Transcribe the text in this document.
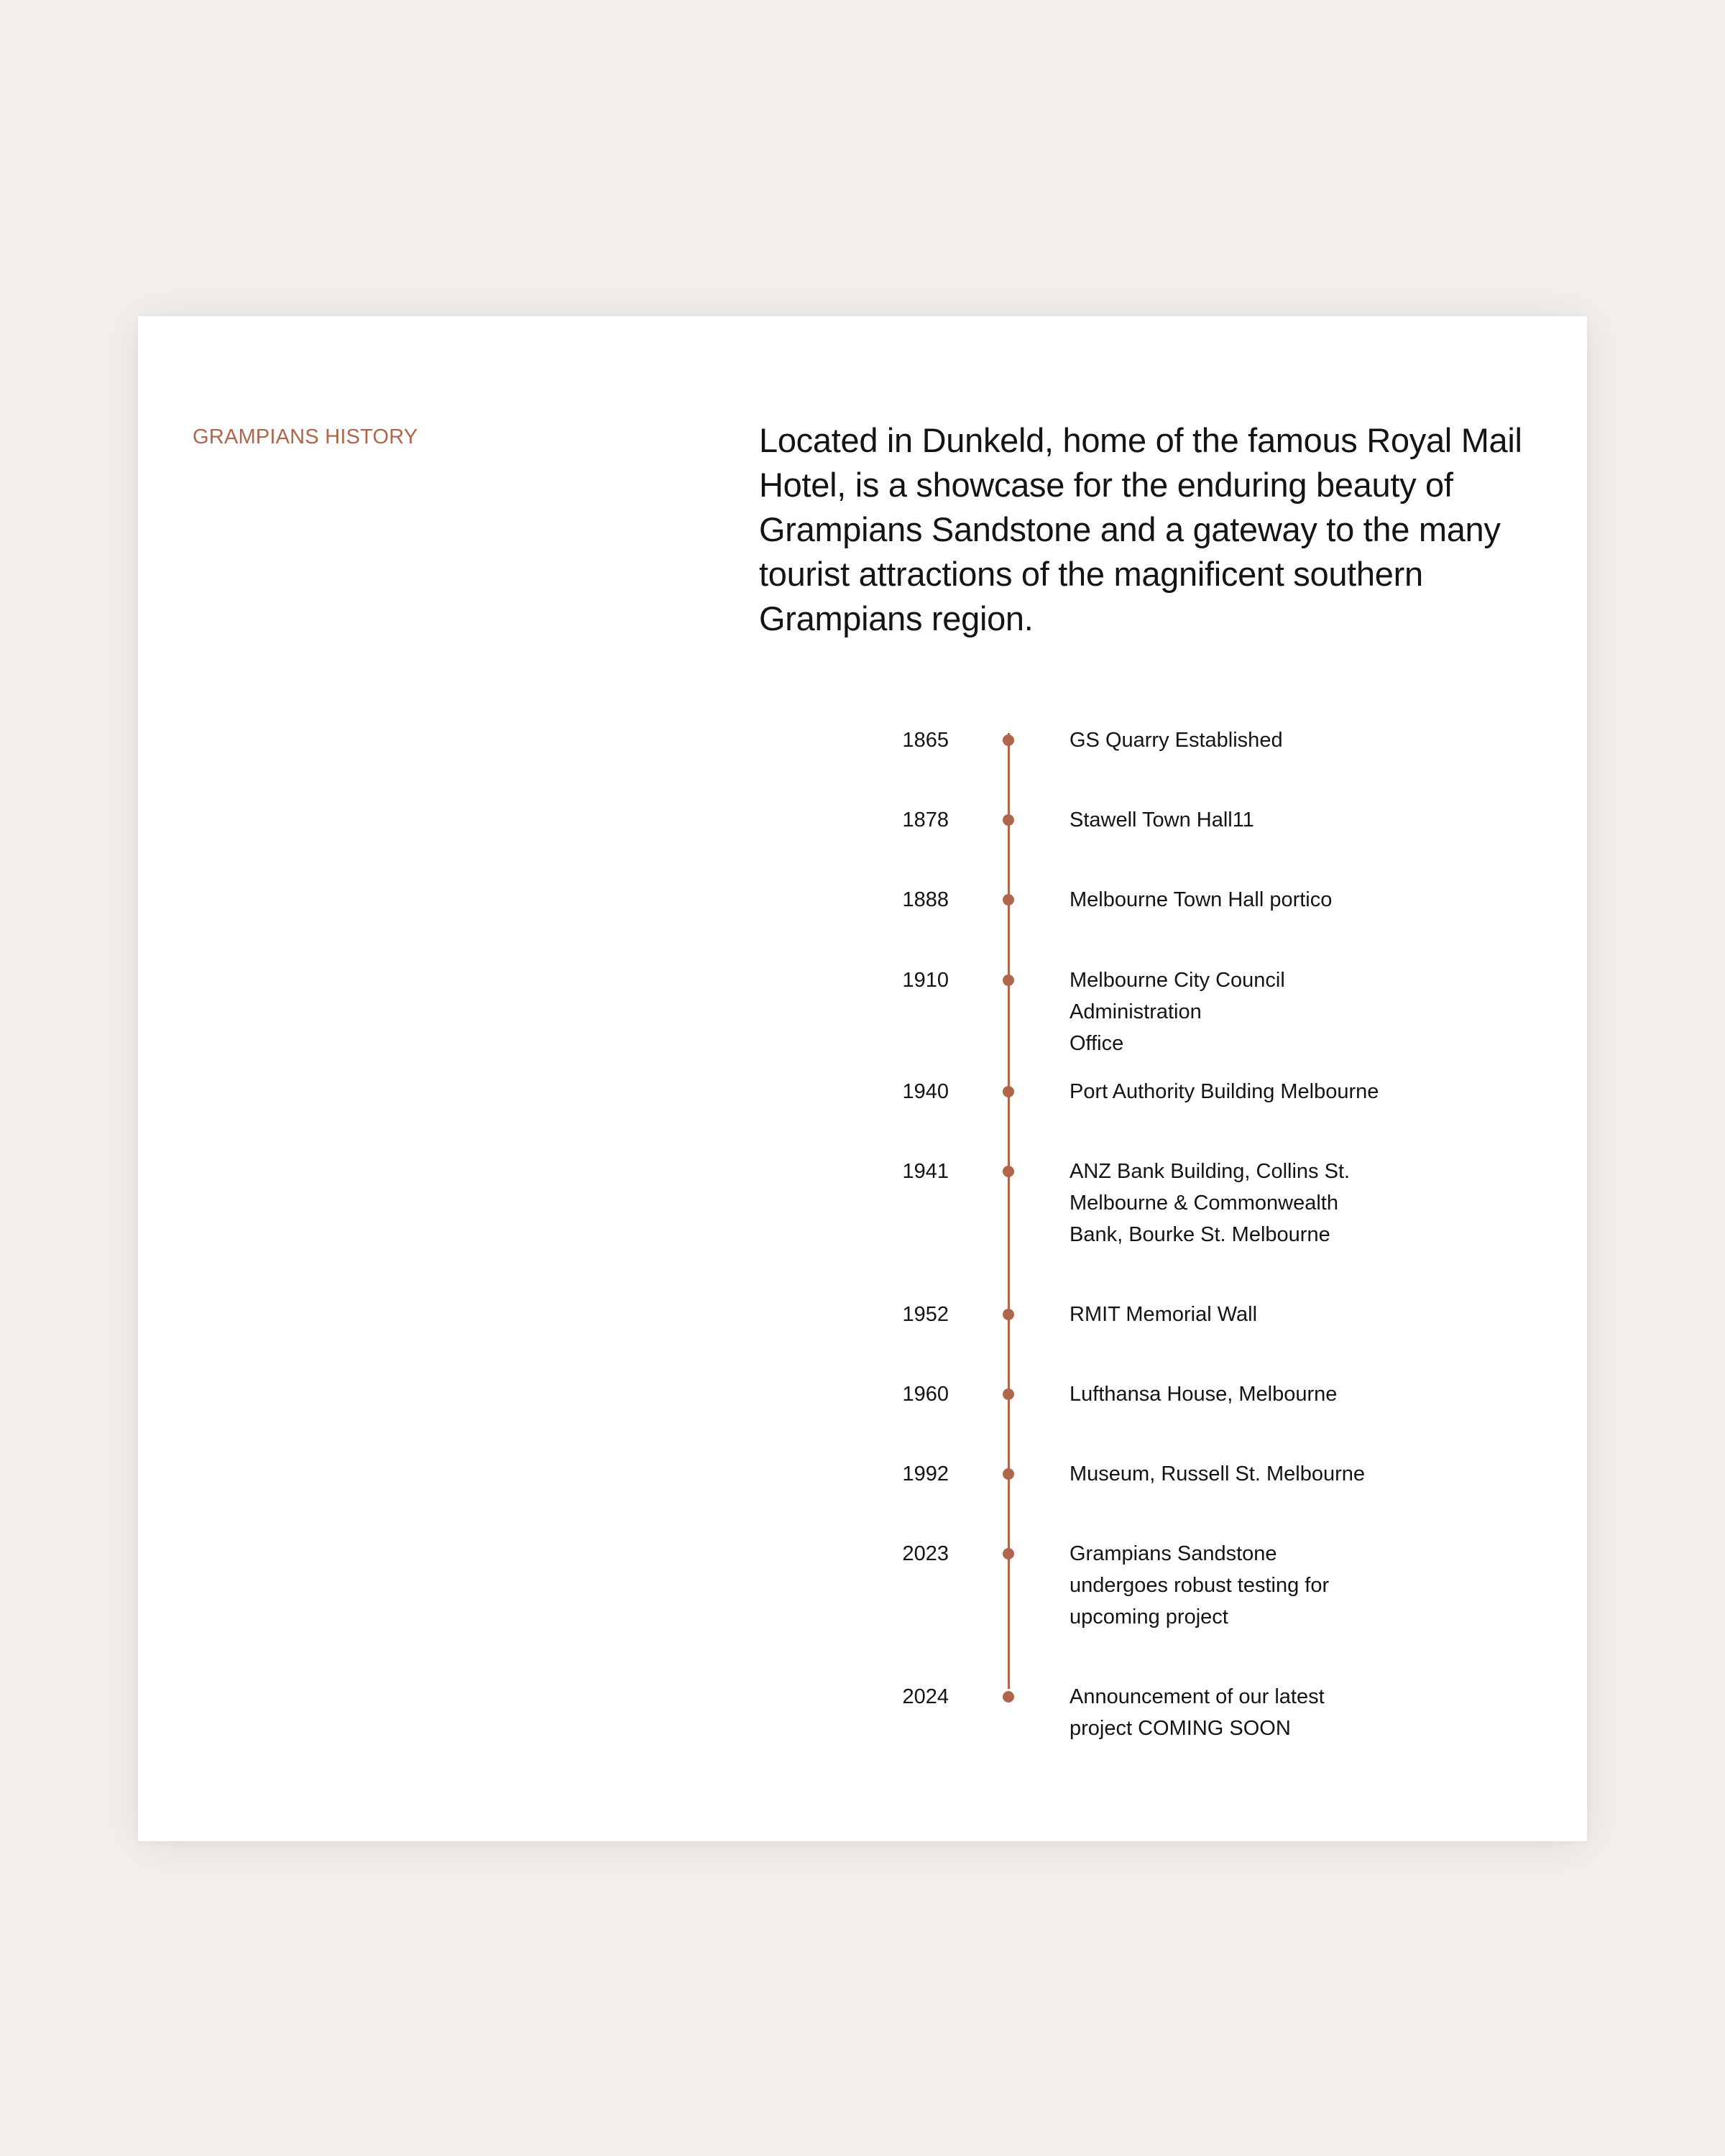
GRAMPIANS HISTORY	Located in Dunkeld, home of the famous Royal Mail Hotel, is a showcase for the enduring beauty of Grampians Sandstone and a gateway to the many tourist attractions of the magnificent southern Grampians region.

1865	GS Quarry Established
1878	Stawell Town Hall11
1888	Melbourne Town Hall portico
1910	Melbourne City Council Administration
Office
1940	Port Authority Building Melbourne
1941	ANZ Bank Building, Collins St.
Melbourne & Commonwealth
Bank, Bourke St. Melbourne
1952	RMIT Memorial Wall
1960	Lufthansa House, Melbourne
1992	Museum, Russell St. Melbourne
2023	Grampians Sandstone
undergoes robust testing for
upcoming project
2024	Announcement of our latest
project COMING SOON
